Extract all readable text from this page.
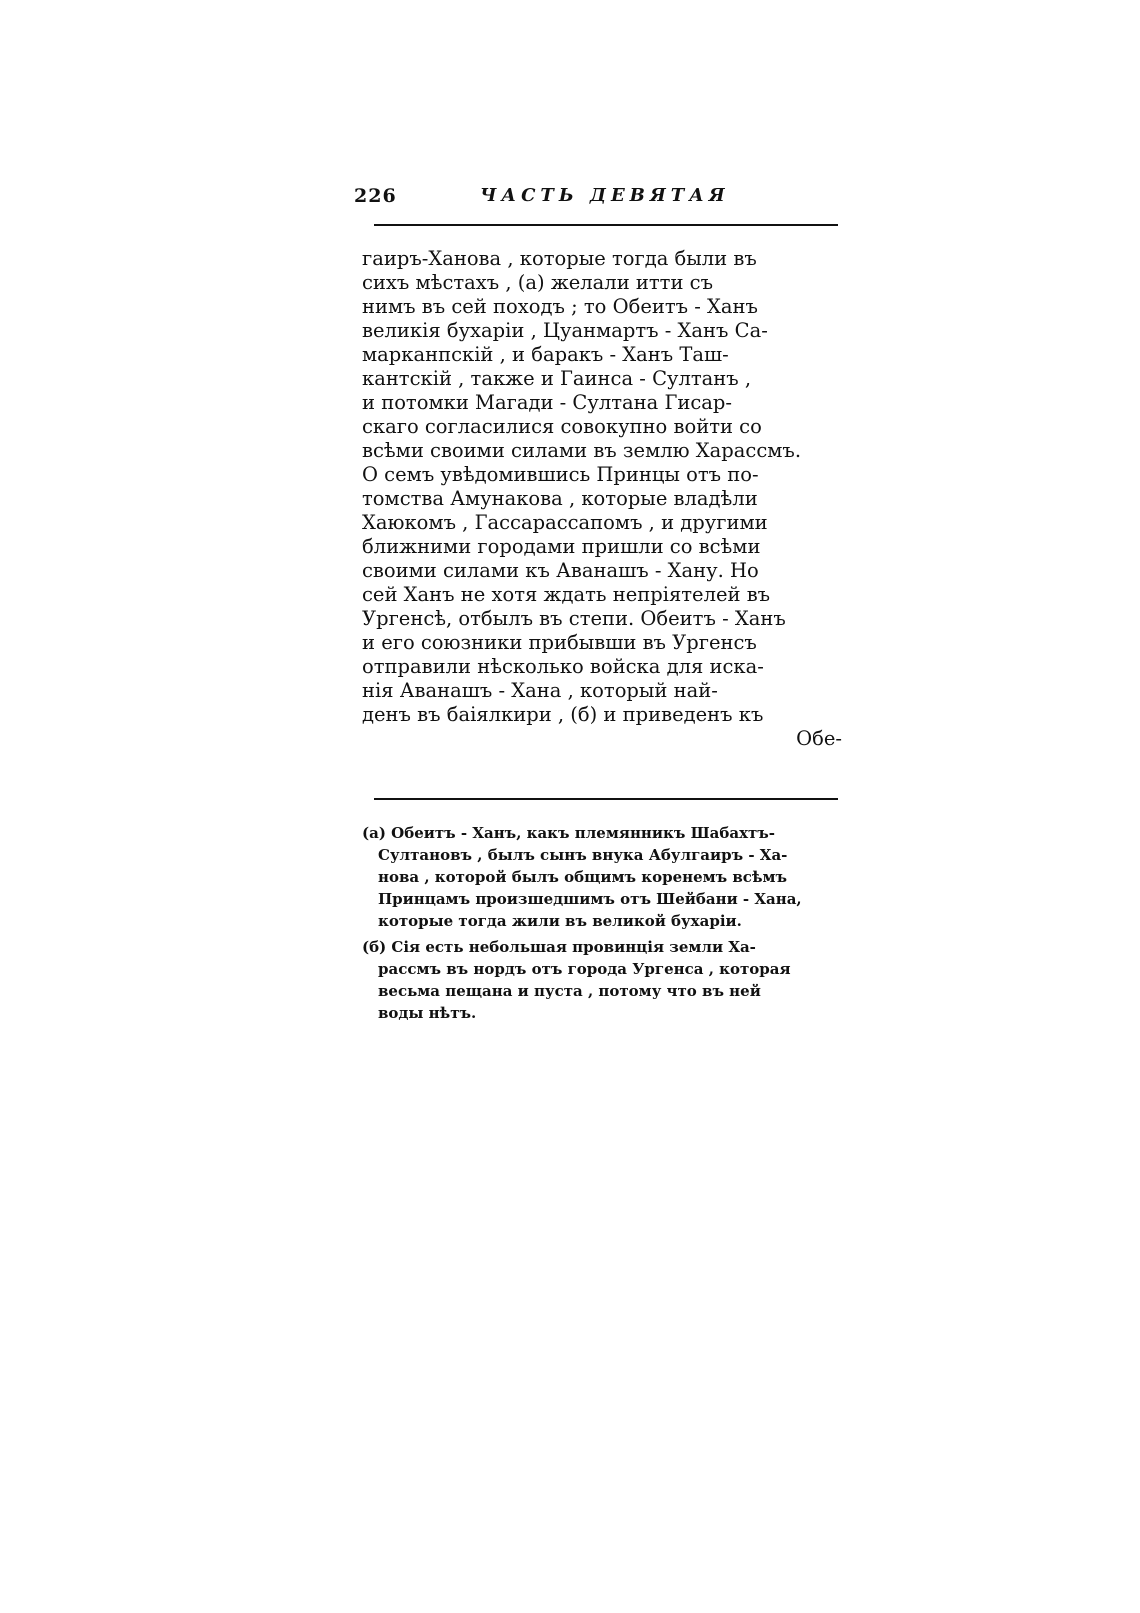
226	ЧАСТЬ ДЕВЯТАЯ
гаиръ-Ханова , которые тогда были въ
сихъ мѣстахъ , (а) желали итти съ
нимъ въ сей походъ ; то Обеитъ - Ханъ
великія бухаріи , Цуанмартъ - Ханъ Са-
марканпскій , и баракъ - Ханъ Таш-
кантскій , также и Гаинса - Султанъ ,
и потомки Магади - Султана Гисар-
скаго согласилися совокупно войти со
всѣми своими силами въ землю Харассмъ.
О семъ увѣдомившись Принцы отъ по-
томства Амунакова , которые владѣли
Хаюкомъ , Гассарассапомъ , и другими
ближними городами пришли со всѣми
своими силами къ Аванашъ - Хану. Но
сей Ханъ не хотя ждать непріятелей въ
Ургенсѣ, отбылъ въ степи. Обеитъ - Ханъ
и его союзники прибывши въ Ургенсъ
отправили нѣсколько войска для иска-
нія Аванашъ - Хана , который най-
денъ въ баіялкири , (б) и приведенъ къ
Обе-
(а) Обеитъ - Ханъ, какъ племянникъ Шабахтъ-
Султановъ , былъ сынъ внука Абулгаиръ - Ха-
нова , которой былъ общимъ коренемъ всѣмъ
Принцамъ произшедшимъ отъ Шейбани - Хана,
которые тогда жили въ великой бухаріи.
(б) Сія есть небольшая провинція земли Ха-
рассмъ въ нордъ отъ города Ургенса , которая
весьма пещана и пуста , потому что въ ней
воды нѣтъ.
